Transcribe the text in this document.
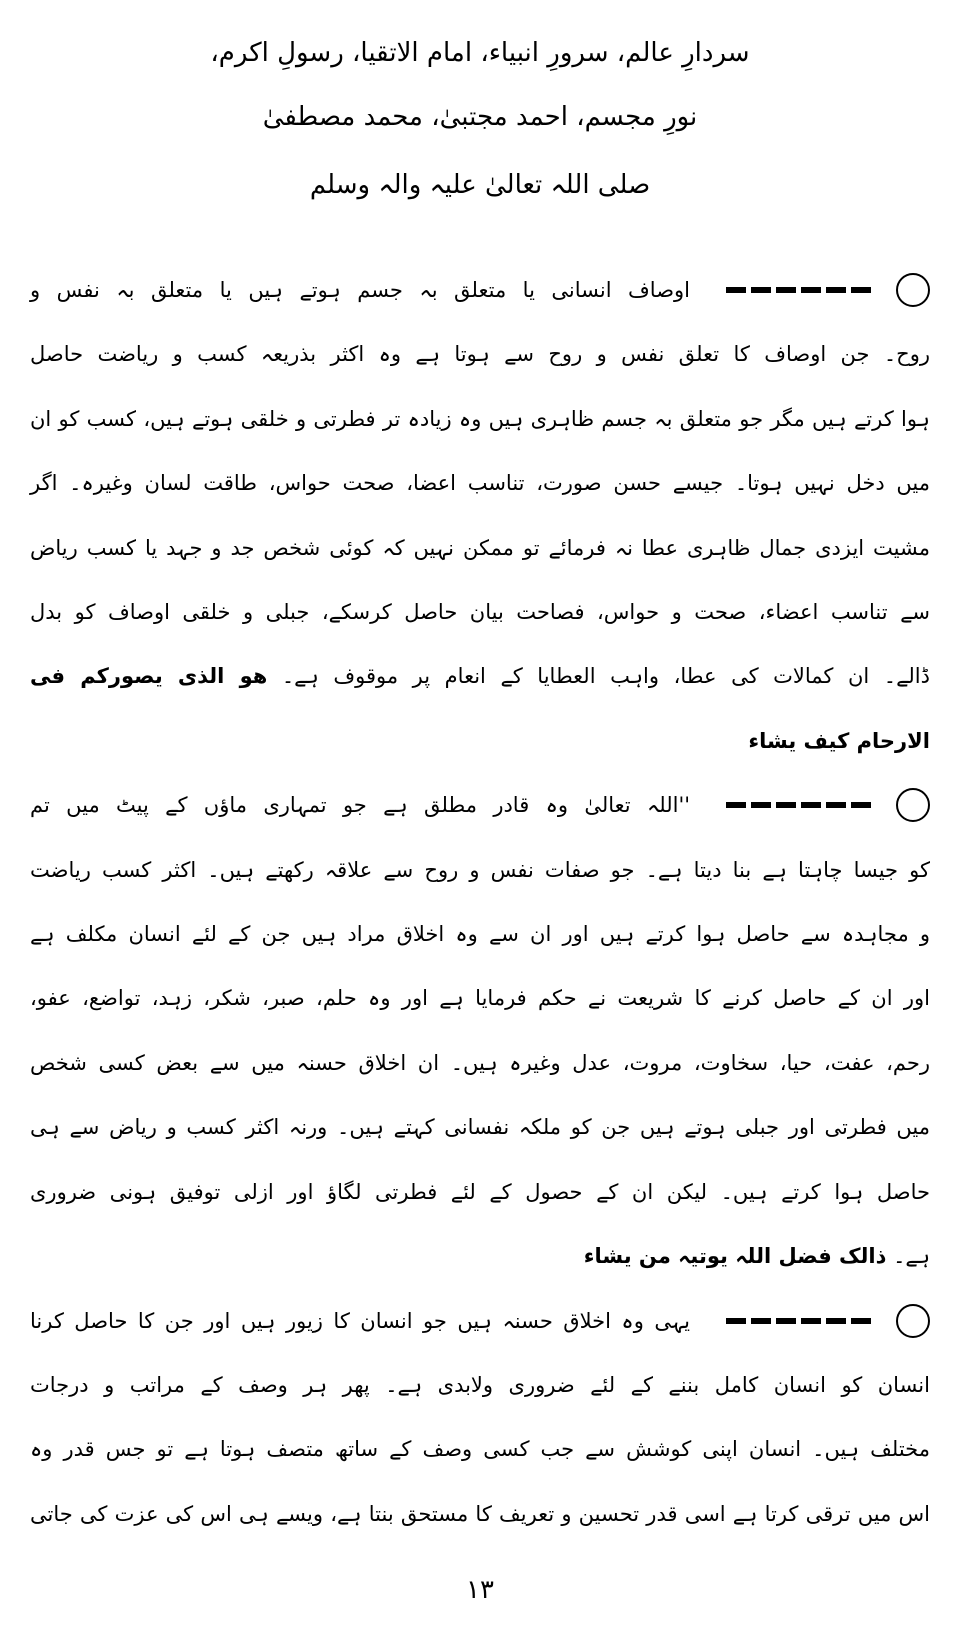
سردارِ عالم، سرورِ انبیاء، امام الاتقیا، رسولِ اکرم،
نورِ مجسم، احمد مجتبیٰ، محمد مصطفیٰ
صلی اللہ تعالیٰ علیہ والہ وسلم
اوصاف انسانی یا متعلق بہ جسم ہوتے ہیں یا متعلق بہ نفس و
روح۔ جن اوصاف کا تعلق نفس و روح سے ہوتا ہے وہ اکثر بذریعہ کسب و ریاضت حاصل
ہوا کرتے ہیں مگر جو متعلق بہ جسم ظاہری ہیں وہ زیادہ تر فطرتی و خلقی ہوتے ہیں، کسب کو ان
میں دخل نہیں ہوتا۔ جیسے حسن صورت، تناسب اعضا، صحت حواس، طاقت لسان وغیرہ۔ اگر
مشیت ایزدی جمال ظاہری عطا نہ فرمائے تو ممکن نہیں کہ کوئی شخص جد و جہد یا کسب ریاض
سے تناسب اعضاء، صحت و حواس، فصاحت بیان حاصل کرسکے، جبلی و خلقی اوصاف کو بدل
ڈالے۔ ان کمالات کی عطا، واہب العطایا کے انعام پر موقوف ہے۔ ھو الذی یصورکم فی
الارحام کیف یشاء
''اللہ تعالیٰ وہ قادر مطلق ہے جو تمہاری ماؤں کے پیٹ میں تم
کو جیسا چاہتا ہے بنا دیتا ہے۔ جو صفات نفس و روح سے علاقہ رکھتے ہیں۔ اکثر کسب ریاضت
و مجاہدہ سے حاصل ہوا کرتے ہیں اور ان سے وہ اخلاق مراد ہیں جن کے لئے انسان مکلف ہے
اور ان کے حاصل کرنے کا شریعت نے حکم فرمایا ہے اور وہ حلم، صبر، شکر، زہد، تواضع، عفو،
رحم، عفت، حیا، سخاوت، مروت، عدل وغیرہ ہیں۔ ان اخلاق حسنہ میں سے بعض کسی شخص
میں فطرتی اور جبلی ہوتے ہیں جن کو ملکہ نفسانی کہتے ہیں۔ ورنہ اکثر کسب و ریاض سے ہی
حاصل ہوا کرتے ہیں۔ لیکن ان کے حصول کے لئے فطرتی لگاؤ اور ازلی توفیق ہونی ضروری
ہے۔ ذالک فضل اللہ یوتیہ من یشاء
یہی وہ اخلاق حسنہ ہیں جو انسان کا زیور ہیں اور جن کا حاصل کرنا
انسان کو انسان کامل بننے کے لئے ضروری ولابدی ہے۔ پھر ہر وصف کے مراتب و درجات
مختلف ہیں۔ انسان اپنی کوشش سے جب کسی وصف کے ساتھ متصف ہوتا ہے تو جس قدر وہ
اس میں ترقی کرتا ہے اسی قدر تحسین و تعریف کا مستحق بنتا ہے، ویسے ہی اس کی عزت کی جاتی
۱۳
